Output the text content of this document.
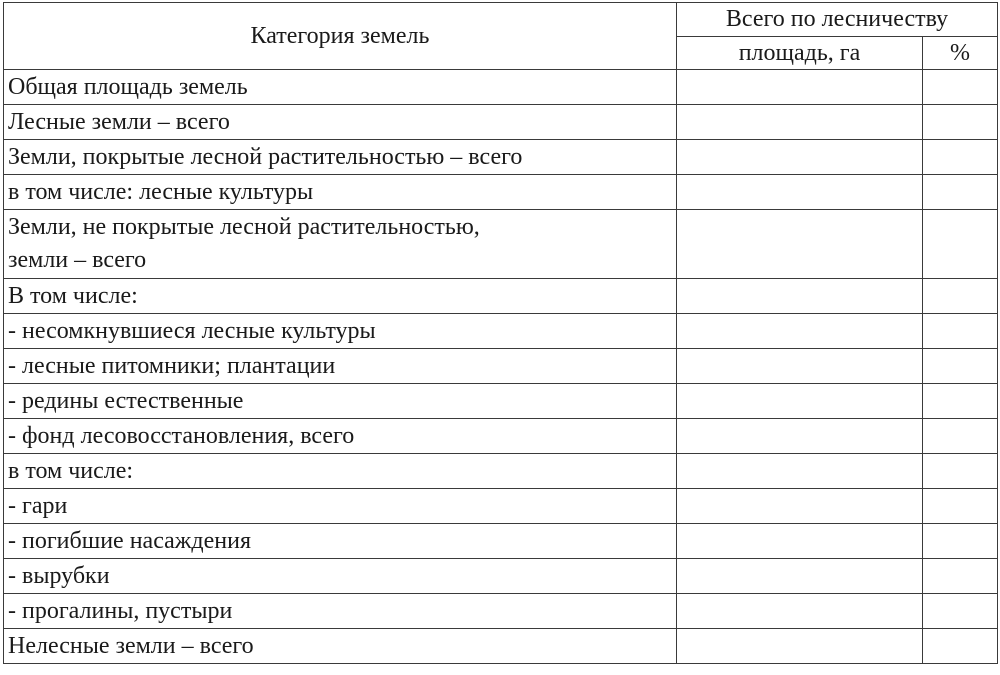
Категория земель	Всего по лесничеству	
	площадь, га	%
Общая площадь земель		
Лесные земли – всего		
Земли, покрытые лесной растительностью – всего		
в том числе: лесные культуры		

Земли, не покрытые лесной растительностью,
земли – всего		

В том числе:		
- несомкнувшиеся лесные культуры		
- лесные питомники; плантации		
- редины естественные		
- фонд лесовосстановления, всего		
в том числе:		
- гари		
- погибшие насаждения		
- вырубки		
- прогалины, пустыри		
Нелесные земли – всего		
